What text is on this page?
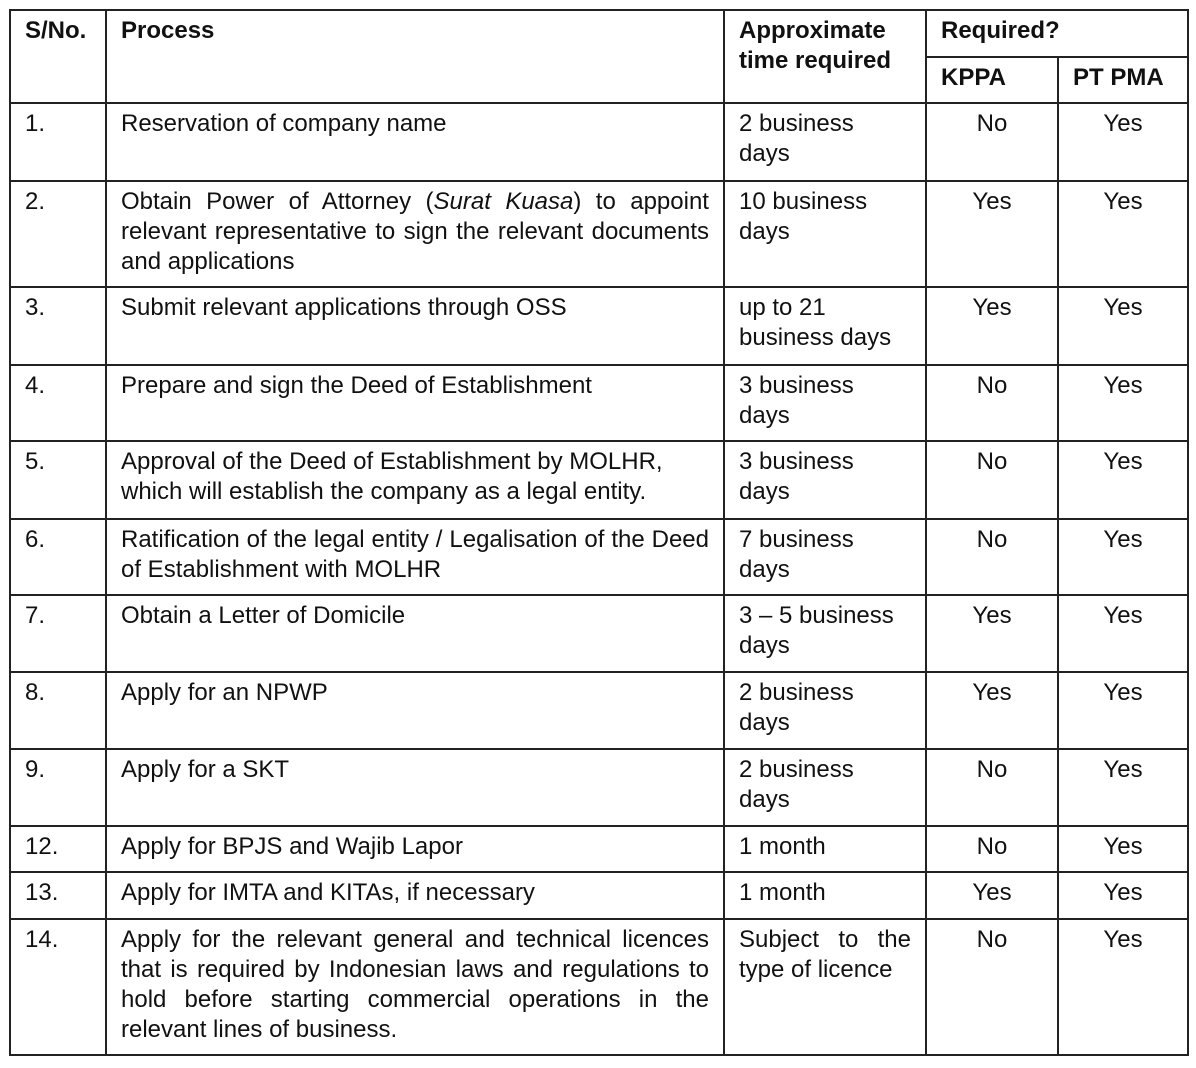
S/No.	Process	Approximate time required	Required?	
			KPPA	PT PMA
1.	Reservation of company name	2 business days	No	Yes
2.	Obtain Power of Attorney (Surat Kuasa) to appoint relevant representative to sign the relevant documents and applications	10 business days	Yes	Yes
3.	Submit relevant applications through OSS	up to 21 business days	Yes	Yes
4.	Prepare and sign the Deed of Establishment	3 business days	No	Yes
5.	Approval of the Deed of Establishment by MOLHR, which will establish the company as a legal entity.	3 business days	No	Yes
6.	Ratification of the legal entity / Legalisation of the Deed of Establishment with MOLHR	7 business days	No	Yes
7.	Obtain a Letter of Domicile	3 – 5 business days	Yes	Yes
8.	Apply for an NPWP	2 business days	Yes	Yes
9.	Apply for a SKT	2 business days	No	Yes
12.	Apply for BPJS and Wajib Lapor	1 month	No	Yes
13.	Apply for IMTA and KITAs, if necessary	1 month	Yes	Yes
14.	Apply for the relevant general and technical licences that is required by Indonesian laws and regulations to hold before starting commercial operations in the relevant lines of business.	Subject to the type of licence	No	Yes
